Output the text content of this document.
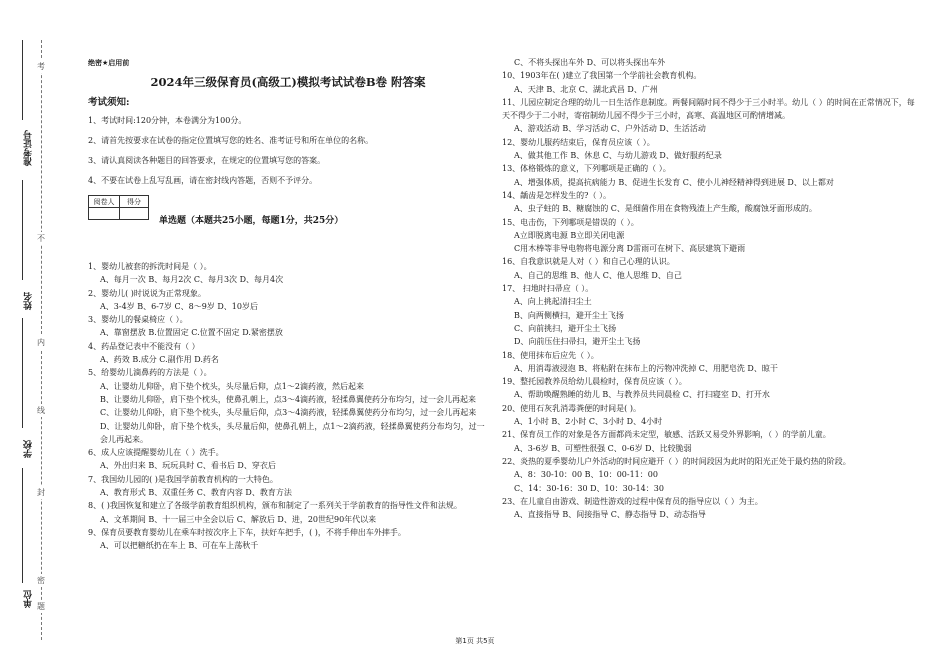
准考证号
姓名
学校
单位
考
不
内
线
封
密
题
绝密★启用前
2024年三级保育员(高级工)模拟考试试卷B卷 附答案
考试须知:

1、考试时间:120分钟，本卷满分为100分。

2、请首先按要求在试卷的指定位置填写您的姓名、准考证号和所在单位的名称。

3、请认真阅读各种题目的回答要求，在规定的位置填写您的答案。

4、不要在试卷上乱写乱画，请在密封线内答题，否则不予评分。

阅卷人	得分

单选题（本题共25小题，每题1分，共25分）

1、婴幼儿被套的拆洗时间是（ ）。

A、每月一次 B、每月2次 C、每月3次 D、每月4次

2、婴幼儿( )时说说为正常现象。

A、3-4岁 B、6-7岁 C、8～9岁 D、10岁后

3、婴幼儿的餐桌椅应（ ）。

A、靠窗摆放 B.位置固定 C.位置不固定 D.紧密摆放

4、药品登记表中不能没有（ ）

A、药效 B.成分 C.副作用 D.药名

5、给婴幼儿滴鼻药的方法是（ ）。

A、让婴幼儿仰卧，肩下垫个枕头，头尽量后仰，点1～2滴药液，然后起来

B、让婴幼儿仰卧，肩下垫个枕头，使鼻孔朝上，点3～4滴药液，轻揉鼻翼使药分布均匀，过一会儿再起来

C、让婴幼儿仰卧，肩下垫个枕头，头尽量后仰，点3～4滴药液，轻揉鼻翼使药分布均匀，过一会儿再起来

D、让婴幼儿仰卧，肩下垫个枕头，头尽量后仰，使鼻孔朝上，点1～2滴药液，轻揉鼻翼使药分布均匀，过一会儿再起来。

6、成人应该提醒婴幼儿在（ ）洗手。

A、外出归来 B、玩玩具时 C、看书后 D、穿衣后

7、我国幼儿园的( )是我国学前教育机构的一大特色。

A、教育形式 B、双重任务 C、教育内容 D、教育方法

8、( )我国恢复和建立了各级学前教育组织机构，颁布和制定了一系列关于学前教育的指导性文件和法规。

A、文革期间 B、十一届三中全会以后 C、解放后 D、进，20世纪90年代以来

9、保育员要教育婴幼儿在乘车时按次序上下车，扶好车把手，( )，不将手伸出车外摔手。

A、可以把糖纸扔在车上 B、可在车上荡秋千

C、不将头探出车外 D、可以将头探出车外

10、1903年在( )建立了我国第一个学前社会教育机构。

A、天津 B、北京 C、湖北武昌 D、广州

11、儿园应制定合理的幼儿一日生活作息制度。两餐间隔时间不得少于三小时半。幼儿（ ）的时间在正常情况下，每天不得少于二小时，寄宿制幼儿园不得少于三小时，高寒、高温地区可酌情增减。

A、游戏活动 B、学习活动 C、户外活动 D、生活活动

12、婴幼儿服药结束后，保育员应该（ ）。

A、做其他工作 B、休息 C、与幼儿游戏 D、做好服药纪录

13、体格锻炼的意义，下列哪项是正确的（ ）。

A、增强体质，提高抗病能力 B、促进生长发育 C、使小儿神经精神得到进展 D、以上都对

14、龋齿是怎样发生的?（ ）。

A、虫子蛀的 B、糖腐蚀的 C、是细菌作用在食物残渣上产生酸，酸腐蚀牙面形成的。

15、电击伤，下列哪项是错误的（ ）。

A立即脱离电源 B立即关闭电源

C用木棒等非导电物将电源分离 D雷雨可在树下、高层建筑下避雨

16、自我意识就是人对（ ）和自己心理的认识。

A、自己的思维 B、他人 C、他人思维 D、自己

17、 扫地时扫帚应（ ）。

A、向上挑起清扫尘土

B、向两侧横扫，避开尘土飞扬

C、向前挑扫，避开尘土飞扬

D、向前压住扫帚扫，避开尘土飞扬

18、使用抹布后应先（ ）。

A、用消毒液浸泡 B、将粘附在抹布上的污物冲洗掉 C、用肥皂洗 D、晾干

19、整托园教养员给幼儿晨检时，保育员应该（ ）。

A、帮助唤醒熟睡的幼儿 B、与教养员共同晨检 C、打扫寝室 D、打开水

20、使用石灰乳消毒粪便的时间是( )。

A、1小时 B、2小时 C、3小时 D、4小时

21、保育员工作的对象是各方面都尚未定型，敏感、活跃又易受外界影响，（ ）的学前儿童。

A、3-6岁 B、可塑性很强 C、0-6岁 D、比较脆弱

22、炎热的夏季婴幼儿户外活动的时间应避开（ ）的时间段因为此时的阳光正处于最灼热的阶段。

A、8：30-10：00 B、10：00-11：00

C、14：30-16：30 D、10：30-14：30

23、在儿童自由游戏、制造性游戏的过程中保育员的指导应以（ ）为主。

A、直接指导 B、间接指导 C、静态指导 D、动态指导

第1页 共5页
